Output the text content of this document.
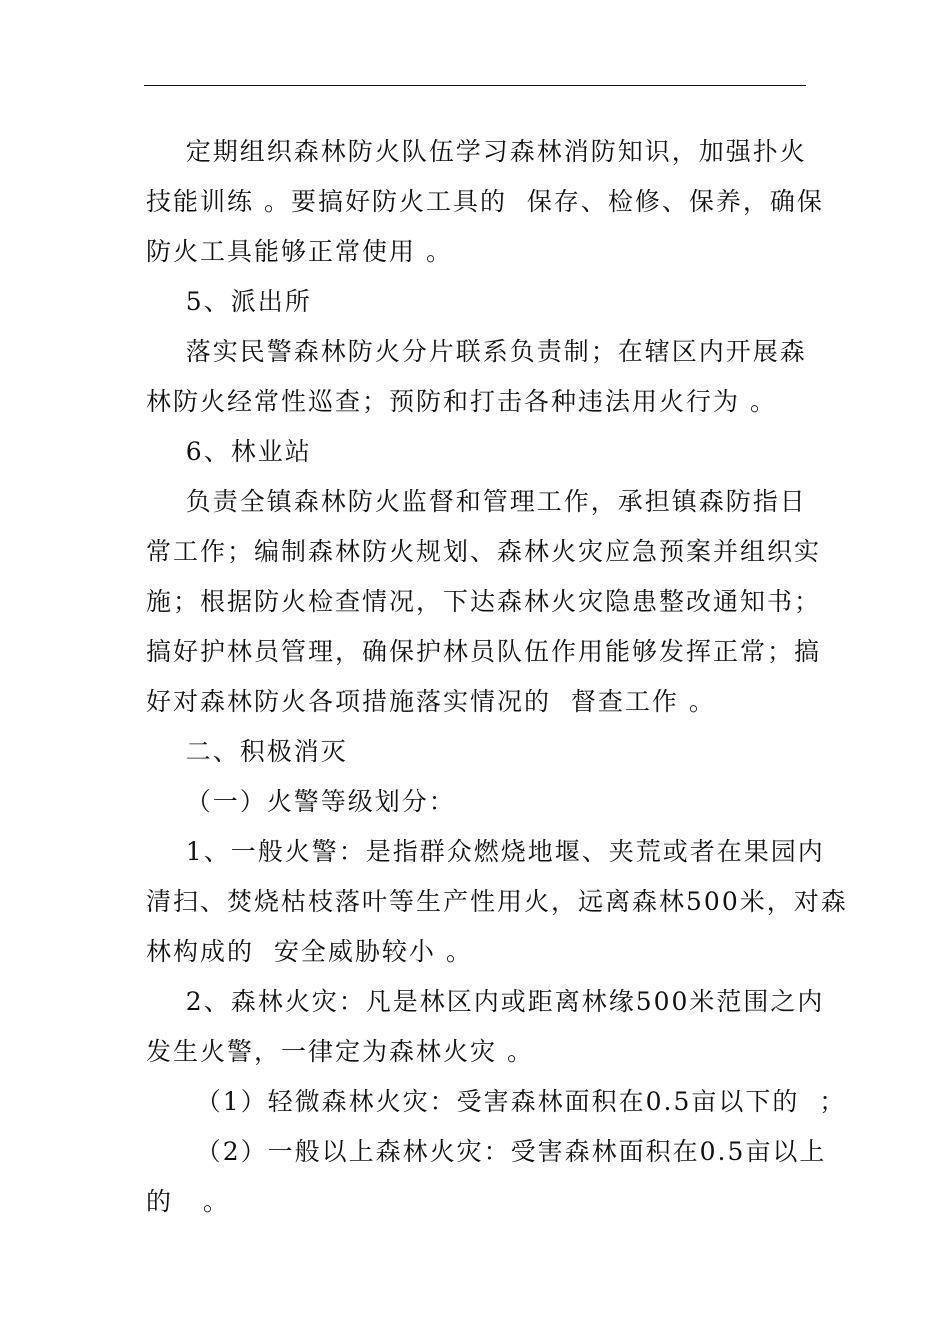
定期组织森林防火队伍学习森林消防知识，加强扑火
技能训练 。要搞好防火工具的  保存、检修、保养，确保
防火工具能够正常使用 。
5、派出所
落实民警森林防火分片联系负责制；在辖区内开展森
林防火经常性巡查；预防和打击各种违法用火行为 。
6、林业站
负责全镇森林防火监督和管理工作，承担镇森防指日
常工作；编制森林防火规划、森林火灾应急预案并组织实
施；根据防火检查情况，下达森林火灾隐患整改通知书；
搞好护林员管理，确保护林员队伍作用能够发挥正常；搞
好对森林防火各项措施落实情况的  督查工作 。
二、积极消灭
（一）火警等级划分：
1、一般火警：是指群众燃烧地堰、夹荒或者在果园内
清扫、焚烧枯枝落叶等生产性用火，远离森林500米，对森
林构成的  安全威胁较小 。
2、森林火灾：凡是林区内或距离林缘500米范围之内
发生火警，一律定为森林火灾 。
（1）轻微森林火灾：受害森林面积在0.5亩以下的  ；
（2）一般以上森林火灾：受害森林面积在0.5亩以上
的   。
